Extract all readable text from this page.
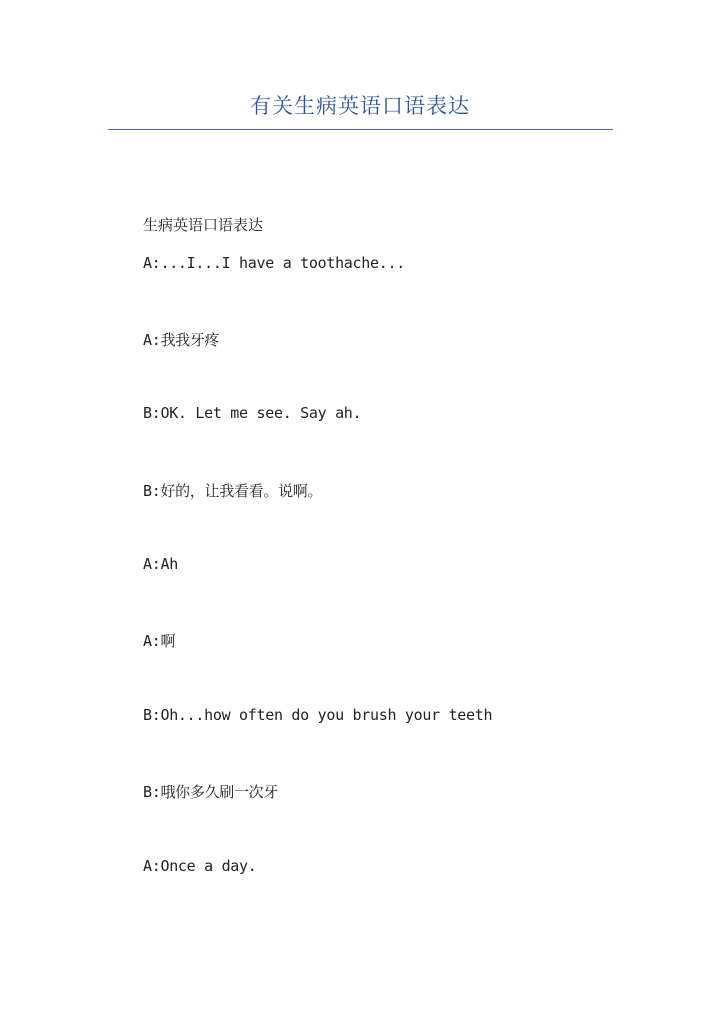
有关生病英语口语表达
生病英语口语表达
A:...I...I have a toothache...
A:我我牙疼
B:OK. Let me see. Say ah.
B:好的，让我看看。说啊。
A:Ah
A:啊
B:Oh...how often do you brush your teeth
B:哦你多久刷一次牙
A:Once a day.
